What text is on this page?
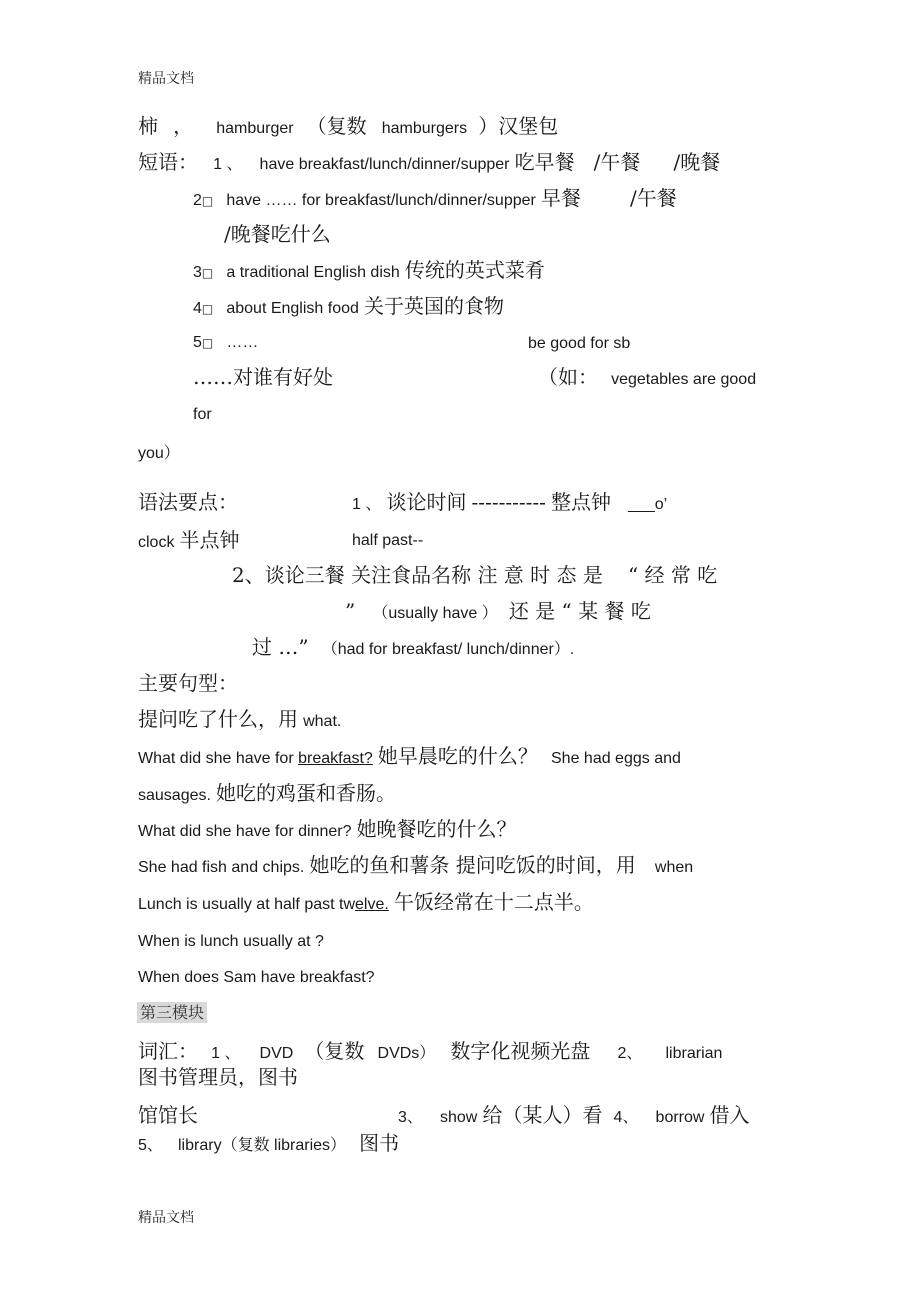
精品文档
柿 ， hamburger （复数 hamburgers ）汉堡包
短语： 1 、 have breakfast/lunch/dinner/supper 吃早餐 /午餐 /晚餐
2□ have …… for breakfast/lunch/dinner/supper 早餐 /午餐
/晚餐吃什么
3□ a traditional English dish 传统的英式菜肴
4□ about English food 关于英国的食物
5□ ……	be good for sb
……对谁有好处	（如： vegetables are good
for
you）
语法要点：	1 、 谈论时间 ----------- 整点钟 ___o’
clock 半点钟	half past--
2、谈论三餐 关注食品名称 注 意 时 态 是 “ 经 常 吃
” （usually have ） 还 是 “ 某 餐 吃
过 …” （had for breakfast/ lunch/dinner）.
主要句型：
提问吃了什么，用 what.
What did she have for breakfast? 她早晨吃的什么？ She had eggs and
sausages. 她吃的鸡蛋和香肠。
What did she have for dinner? 她晚餐吃的什么？
She had fish and chips. 她吃的鱼和薯条 提问吃饭的时间，用 when
Lunch is usually at half past twelve. 午饭经常在十二点半。
When is lunch usually at ?
When does Sam have breakfast?
第三模块
词汇： 1 、 DVD （复数 DVDs） 数字化视频光盘 2、 librarian
图书管理员，图书
馆馆长	3、 show 给（某人）看 4、 borrow 借入
5、 library（复数 libraries） 图书
精品文档
